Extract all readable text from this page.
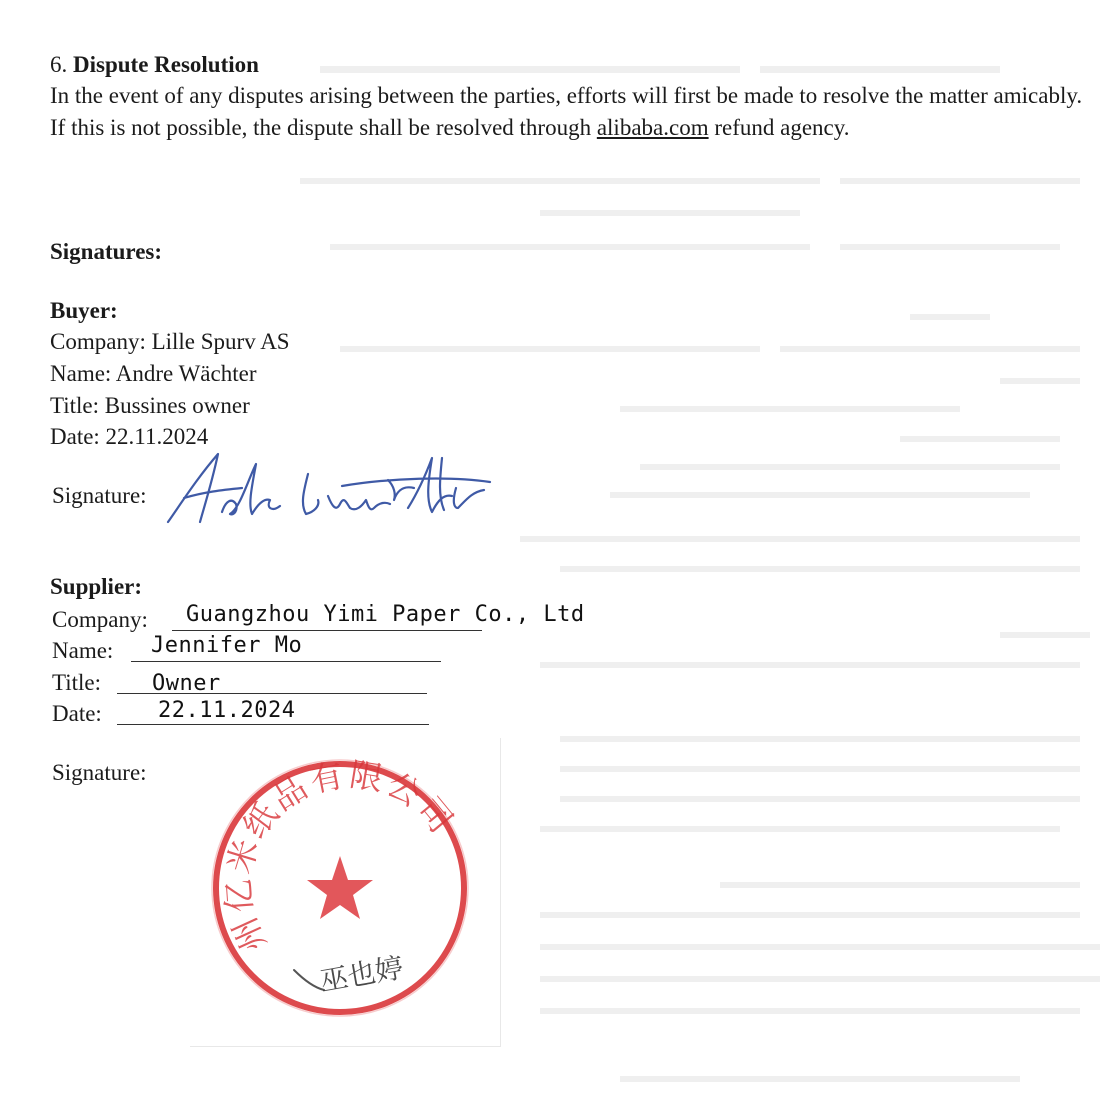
6. Dispute Resolution
In the event of any disputes arising between the parties, efforts will first be made to resolve the matter amicably. If this is not possible, the dispute shall be resolved through alibaba.com refund agency.
Signatures:
Buyer:
Company: Lille Spurv AS
Name: Andre Wächter
Title: Bussines owner
Date: 22.11.2024
Signature:
Supplier:
Company: Guangzhou Yimi Paper Co., Ltd
Name: Jennifer Mo
Title: Owner
Date:	22.11.2024
Signature:
州亿米纸品有限公司
巫也婷
